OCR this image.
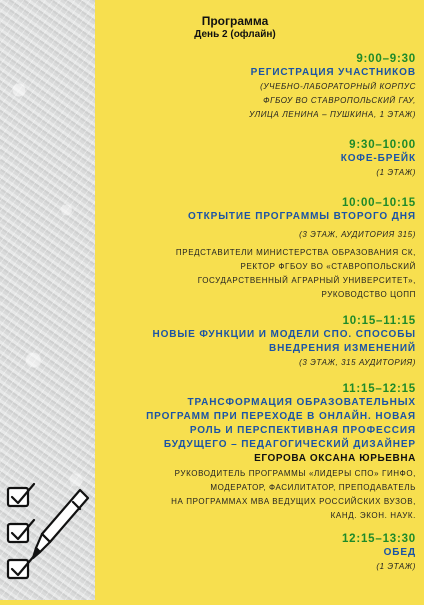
Программа
День 2 (офлайн)
9:00–9:30
РЕГИСТРАЦИЯ УЧАСТНИКОВ
(УЧЕБНО-ЛАБОРАТОРНЫЙ КОРПУС
ФГБОУ ВО СТАВРОПОЛЬСКИЙ ГАУ,
УЛИЦА ЛЕНИНА – ПУШКИНА, 1 ЭТАЖ)
9:30–10:00
КОФЕ-БРЕЙК
(1 ЭТАЖ)
10:00–10:15
ОТКРЫТИЕ ПРОГРАММЫ ВТОРОГО ДНЯ
(3 ЭТАЖ, АУДИТОРИЯ 315)
ПРЕДСТАВИТЕЛИ МИНИСТЕРСТВА ОБРАЗОВАНИЯ СК,
РЕКТОР ФГБОУ ВО «СТАВРОПОЛЬСКИЙ
ГОСУДАРСТВЕННЫЙ АГРАРНЫЙ УНИВЕРСИТЕТ»,
РУКОВОДСТВО ЦОПП
10:15–11:15
НОВЫЕ ФУНКЦИИ И МОДЕЛИ СПО. СПОСОБЫ
ВНЕДРЕНИЯ ИЗМЕНЕНИЙ
(3 ЭТАЖ, 315 АУДИТОРИЯ)
11:15–12:15
ТРАНСФОРМАЦИЯ ОБРАЗОВАТЕЛЬНЫХ
ПРОГРАММ ПРИ ПЕРЕХОДЕ В ОНЛАЙН. НОВАЯ
РОЛЬ И ПЕРСПЕКТИВНАЯ ПРОФЕССИЯ
БУДУЩЕГО – ПЕДАГОГИЧЕСКИЙ ДИЗАЙНЕР
ЕГОРОВА ОКСАНА ЮРЬЕВНА
РУКОВОДИТЕЛЬ ПРОГРАММЫ «ЛИДЕРЫ СПО» ГИНФО,
МОДЕРАТОР, ФАСИЛИТАТОР, ПРЕПОДАВАТЕЛЬ
НА ПРОГРАММАХ MBA ВЕДУЩИХ РОССИЙСКИХ ВУЗОВ,
КАНД. ЭКОН. НАУК.
12:15–13:30
ОБЕД
(1 ЭТАЖ)
